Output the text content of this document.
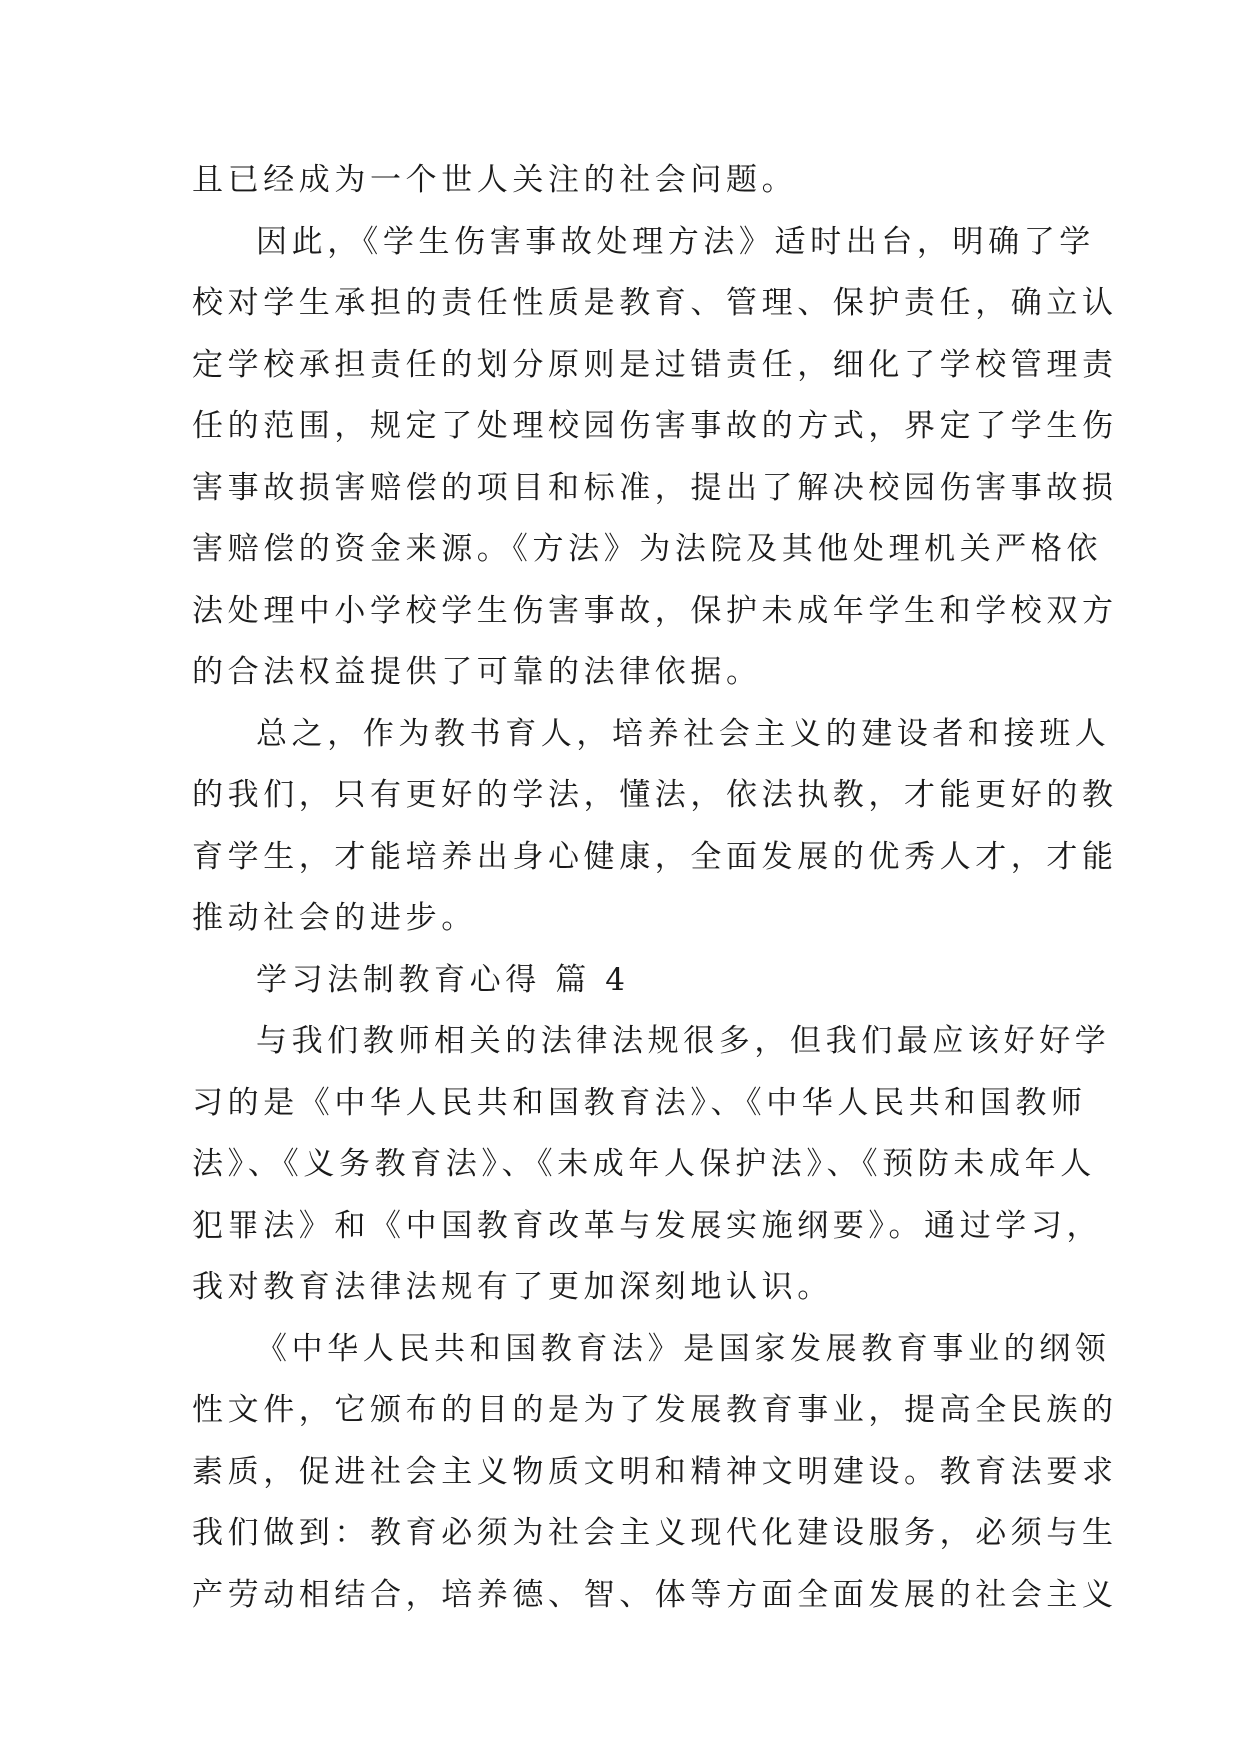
且已经成为一个世人关注的社会问题。
因此，《学生伤害事故处理方法》适时出台，明确了学
校对学生承担的责任性质是教育、管理、保护责任，确立认
定学校承担责任的划分原则是过错责任，细化了学校管理责
任的范围，规定了处理校园伤害事故的方式，界定了学生伤
害事故损害赔偿的项目和标准，提出了解决校园伤害事故损
害赔偿的资金来源。《方法》为法院及其他处理机关严格依
法处理中小学校学生伤害事故，保护未成年学生和学校双方
的合法权益提供了可靠的法律依据。
总之，作为教书育人，培养社会主义的建设者和接班人
的我们，只有更好的学法，懂法，依法执教，才能更好的教
育学生，才能培养出身心健康，全面发展的优秀人才，才能
推动社会的进步。
学习法制教育心得 篇 4
与我们教师相关的法律法规很多，但我们最应该好好学
习的是《中华人民共和国教育法》、《中华人民共和国教师
法》、《义务教育法》、《未成年人保护法》、《预防未成年人
犯罪法》和《中国教育改革与发展实施纲要》。通过学习，
我对教育法律法规有了更加深刻地认识。
《中华人民共和国教育法》是国家发展教育事业的纲领
性文件，它颁布的目的是为了发展教育事业，提高全民族的
素质，促进社会主义物质文明和精神文明建设。教育法要求
我们做到：教育必须为社会主义现代化建设服务，必须与生
产劳动相结合，培养德、智、体等方面全面发展的社会主义
